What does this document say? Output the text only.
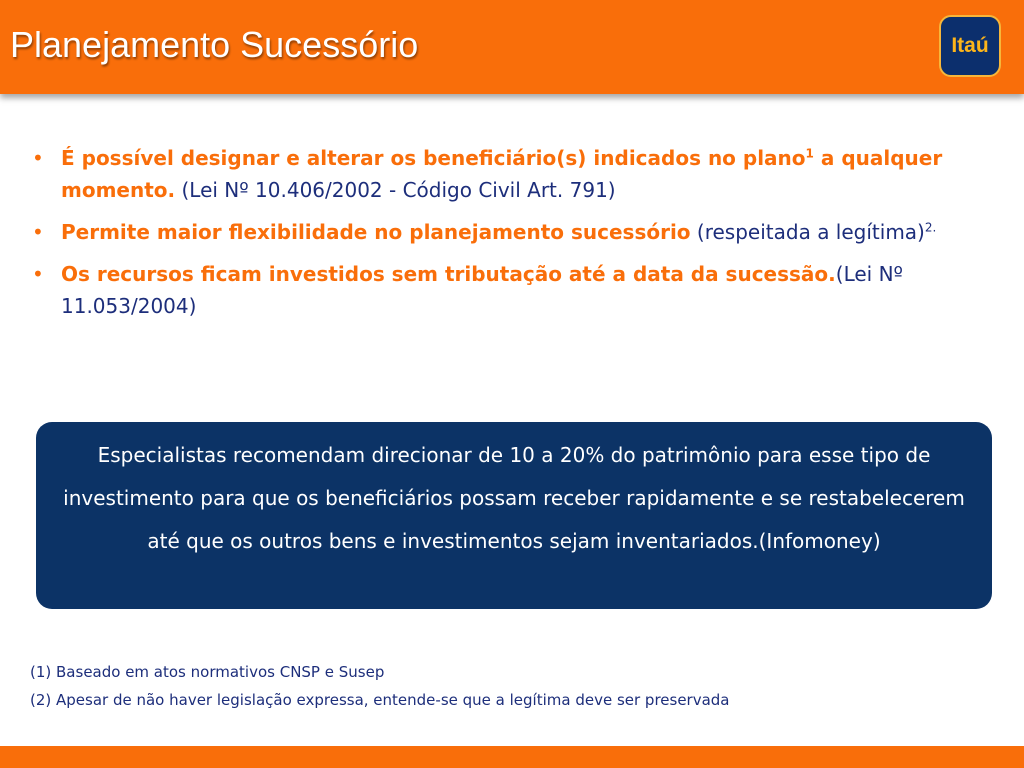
Planejamento Sucessório	Itaú
• É possível designar e alterar os beneficiário(s) indicados no plano$^1$ a qualquer momento. (Lei Nº 10.406/2002 - Código Civil Art. 791)
• Permite maior flexibilidade no planejamento sucessório (respeitada a legítima)$^{2.}$
• Os recursos ficam investidos sem tributação até a data da sucessão.(Lei Nº 11.053/2004)
Especialistas recomendam direcionar de 10 a 20% do patrimônio para esse tipo de investimento para que os beneficiários possam receber rapidamente e se restabelecerem até que os outros bens e investimentos sejam inventariados.(Infomoney)
(1) Baseado em atos normativos CNSP e Susep
(2) Apesar de não haver legislação expressa, entende-se que a legítima deve ser preservada
